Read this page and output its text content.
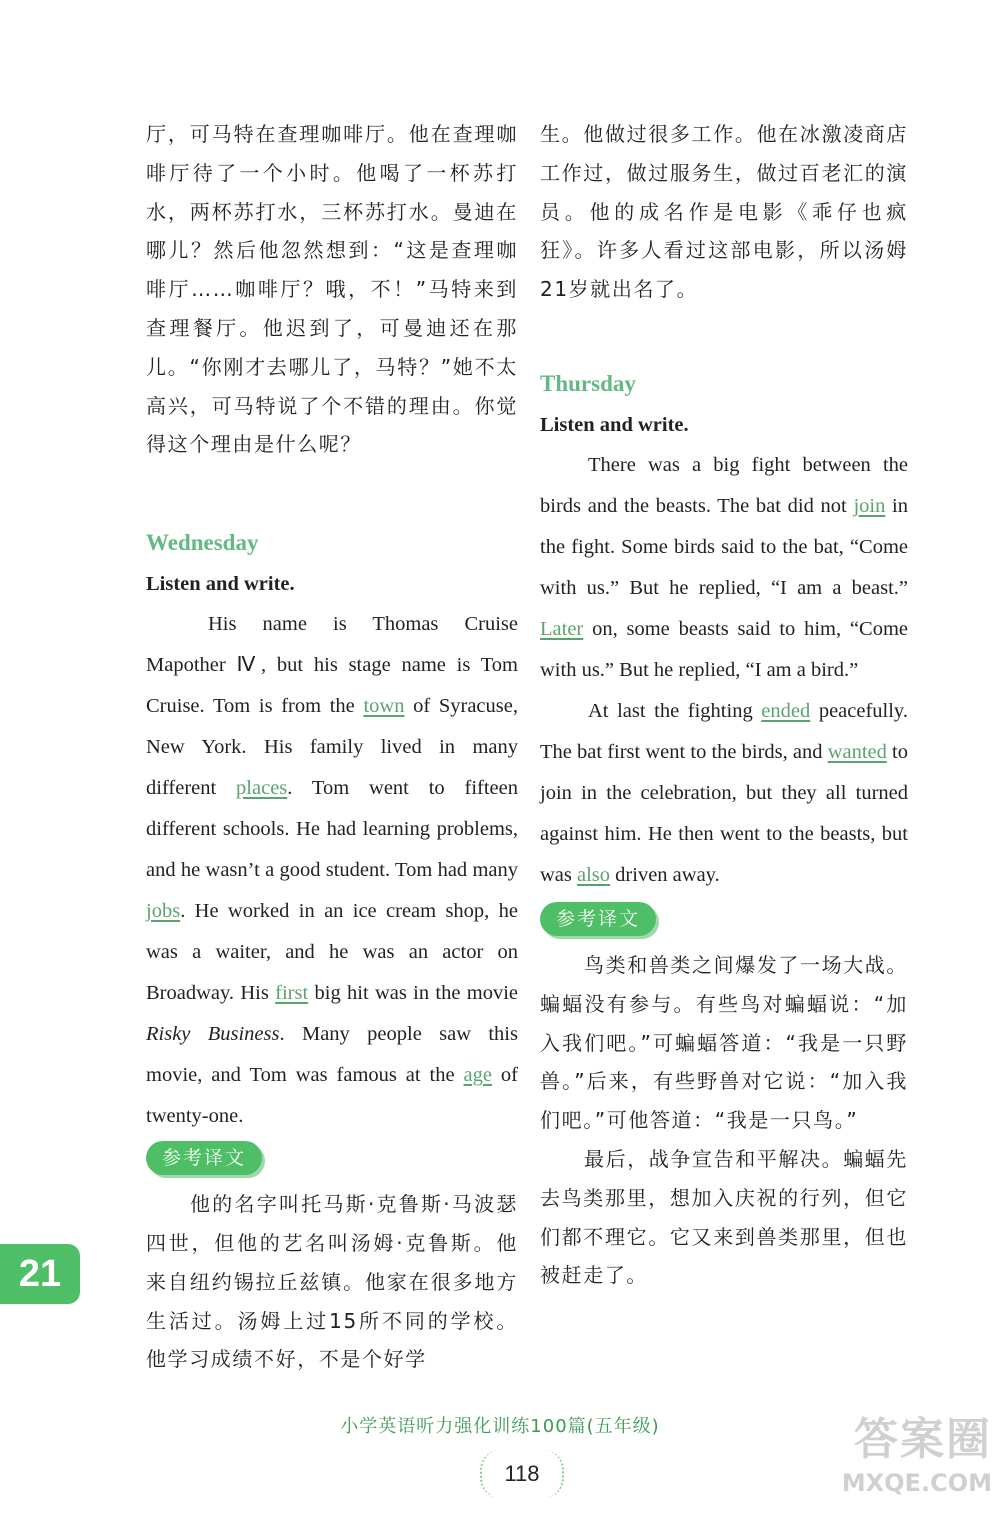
厅，可马特在查理咖啡厅。他在查理咖啡厅待了一个小时。他喝了一杯苏打水，两杯苏打水，三杯苏打水。曼迪在哪儿？然后他忽然想到：“这是查理咖啡厅……咖啡厅？哦，不！”马特来到查理餐厅。他迟到了，可曼迪还在那儿。“你刚才去哪儿了，马特？”她不太高兴，可马特说了个不错的理由。你觉得这个理由是什么呢？

Wednesday

Listen and write.

His name is Thomas Cruise Mapother Ⅳ, but his stage name is Tom Cruise. Tom is from the town of Syracuse, New York. His family lived in many different places. Tom went to fifteen different schools. He had learning problems, and he wasn’t a good student. Tom had many jobs. He worked in an ice cream shop, he was a waiter, and he was an actor on Broadway. His first big hit was in the movie Risky Business. Many people saw this movie, and Tom was famous at the age of twenty-one.

参考译文

他的名字叫托马斯·克鲁斯·马波瑟四世，但他的艺名叫汤姆·克鲁斯。他来自纽约锡拉丘兹镇。他家在很多地方生活过。汤姆上过15所不同的学校。他学习成绩不好，不是个好学

生。他做过很多工作。他在冰激凌商店工作过，做过服务生，做过百老汇的演员。他的成名作是电影《乖仔也疯狂》。许多人看过这部电影，所以汤姆21岁就出名了。

Thursday

Listen and write.

There was a big fight between the birds and the beasts. The bat did not join in the fight. Some birds said to the bat, “Come with us.” But he replied, “I am a beast.” Later on, some beasts said to him, “Come with us.” But he replied, “I am a bird.”

At last the fighting ended peacefully. The bat first went to the birds, and wanted to join in the celebration, but they all turned against him. He then went to the beasts, but was also driven away.

参考译文

鸟类和兽类之间爆发了一场大战。蝙蝠没有参与。有些鸟对蝙蝠说：“加入我们吧。”可蝙蝠答道：“我是一只野兽。”后来，有些野兽对它说：“加入我们吧。”可他答道：“我是一只鸟。”

最后，战争宣告和平解决。蝙蝠先去鸟类那里，想加入庆祝的行列，但它们都不理它。它又来到兽类那里，但也被赶走了。

21
小学英语听力强化训练100篇(五年级)
118
答案圈
MXQE.COM
